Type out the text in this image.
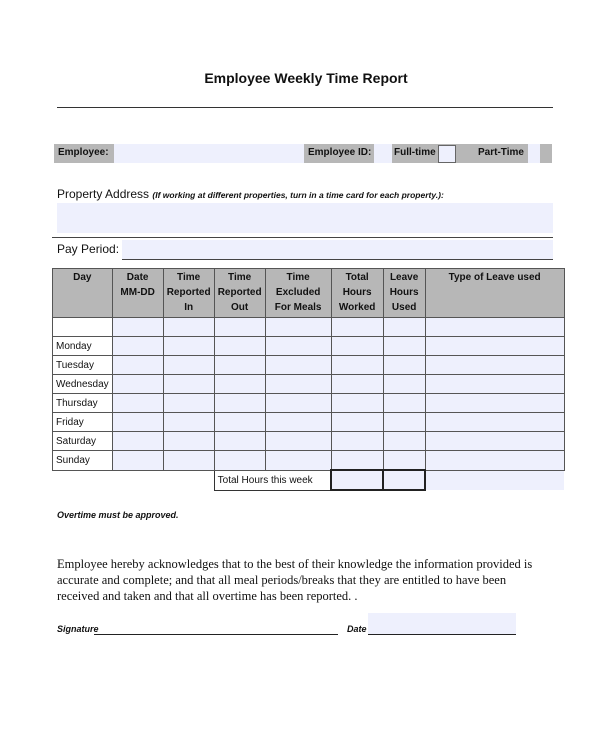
Employee Weekly Time Report
Employee:	Employee ID: Full-time	Part-Time
Property Address (If working at different properties, turn in a time card for each property.):
Pay Period:
Day	Date MM-DD	Time Reported In	Time Reported Out	Time Excluded For Meals	Total Hours Worked	Leave Hours Used	Type of Leave used

Monday							
Tuesday							
Wednesday							
Thursday							
Friday							
Saturday							
Sunday							
			Total Hours this week				
Overtime must be approved.
Employee hereby acknowledges that to the best of their knowledge the information provided is accurate and complete; and that all meal periods/breaks that they are entitled to have been received and taken and that all overtime has been reported. .
Signature	Date
